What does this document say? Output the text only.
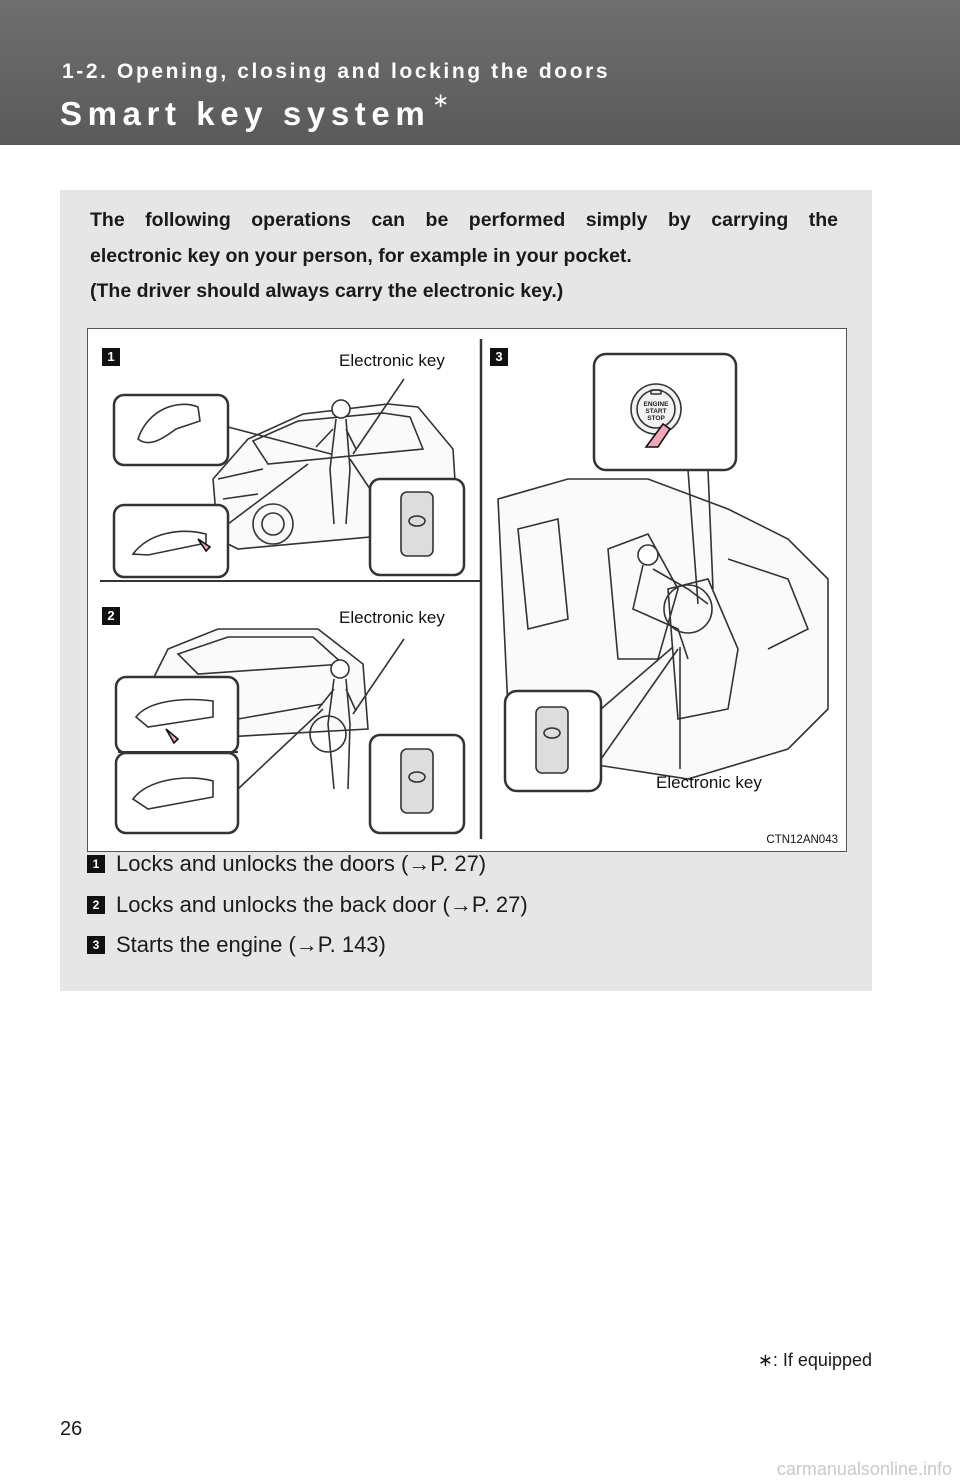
1-2. Opening, closing and locking the doors
Smart key system ∗
The following operations can be performed simply by carrying the
electronic key on your person, for example in your pocket.
(The driver should always carry the electronic key.)
ENGINE
START
STOP
1
2
3
Electronic key
Electronic key
Electronic key
CTN12AN043
1 Locks and unlocks the doors (→P. 27)
2 Locks and unlocks the back door (→P. 27)
3 Starts the engine (→P. 143)
∗: If equipped
26
carmanualsonline.info
